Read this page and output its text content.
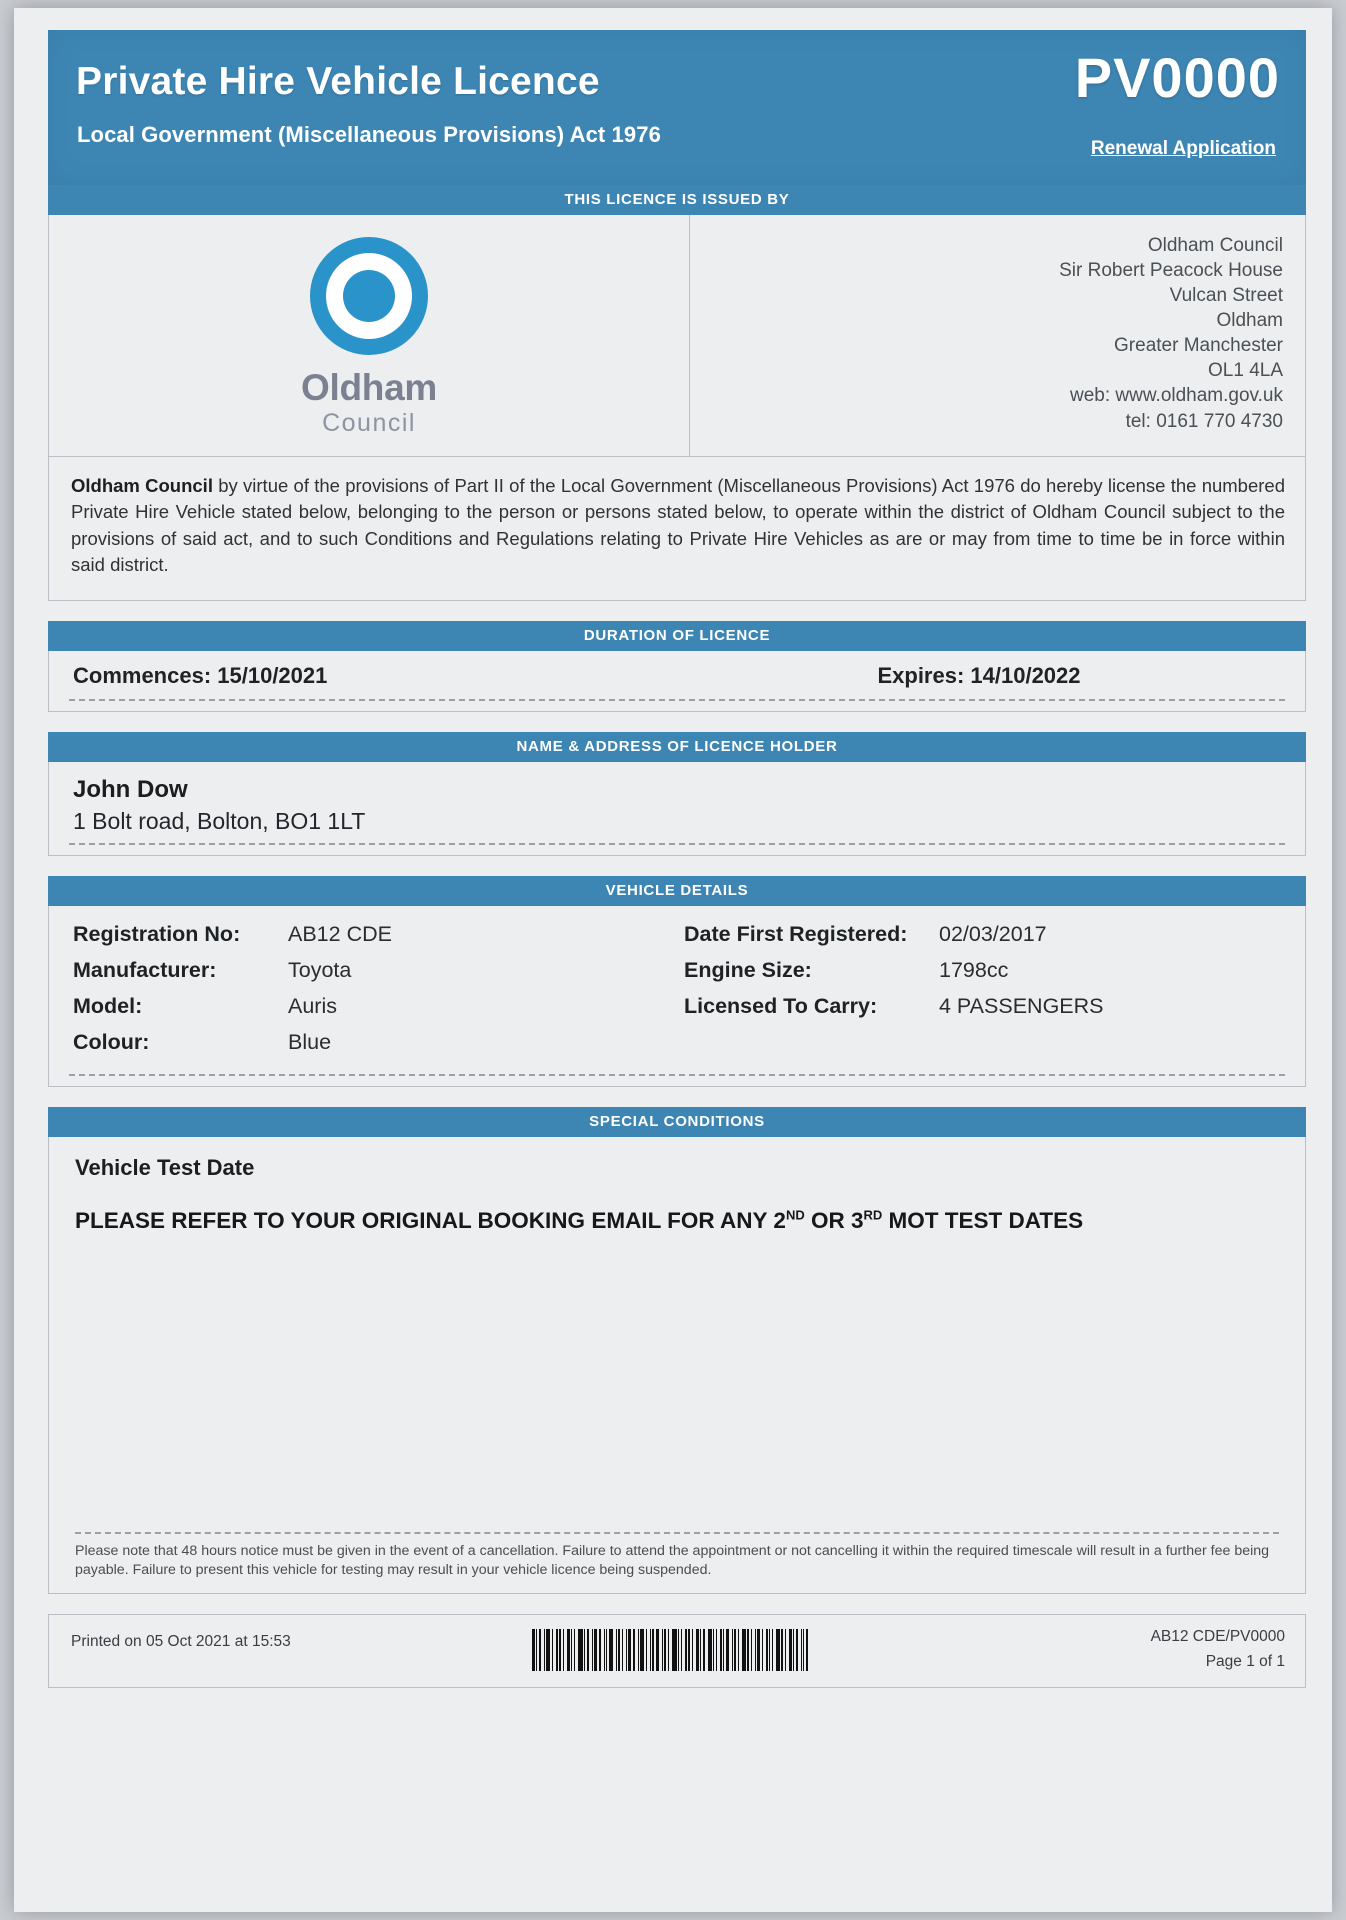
Private Hire Vehicle Licence
Local Government (Miscellaneous Provisions) Act 1976
PV0000
Renewal Application
THIS LICENCE IS ISSUED BY
Oldham
Council
Oldham Council
Sir Robert Peacock House
Vulcan Street
Oldham
Greater Manchester
OL1 4LA
web: www.oldham.gov.uk
tel: 0161 770 4730
Oldham Council by virtue of the provisions of Part II of the Local Government (Miscellaneous Provisions) Act 1976 do hereby license the numbered Private Hire Vehicle stated below, belonging to the person or persons stated below, to operate within the district of Oldham Council subject to the provisions of said act, and to such Conditions and Regulations relating to Private Hire Vehicles as are or may from time to time be in force within said district.
DURATION OF LICENCE
Commences: 15/10/2021	Expires: 14/10/2022
NAME & ADDRESS OF LICENCE HOLDER
John Dow
1 Bolt road, Bolton, BO1 1LT
VEHICLE DETAILS
Registration No:	AB12 CDE
Manufacturer:	Toyota
Model:	Auris
Colour:	Blue
Date First Registered:	02/03/2017
Engine Size:	1798cc
Licensed To Carry:	4 PASSENGERS
SPECIAL CONDITIONS
Vehicle Test Date
PLEASE REFER TO YOUR ORIGINAL BOOKING EMAIL FOR ANY 2ND OR 3RD MOT TEST DATES
Please note that 48 hours notice must be given in the event of a cancellation. Failure to attend the appointment or not cancelling it within the required timescale will result in a further fee being payable. Failure to present this vehicle for testing may result in your vehicle licence being suspended.
Printed on 05 Oct 2021 at 15:53	AB12 CDE/PV0000
Page 1 of 1
